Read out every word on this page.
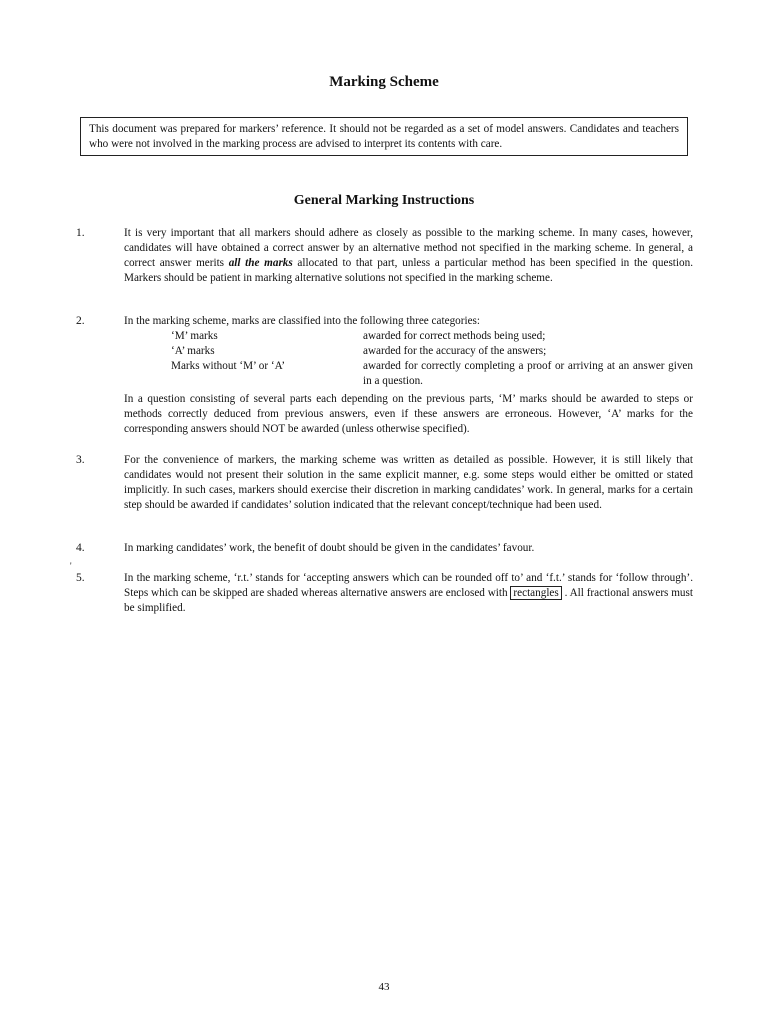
Marking Scheme
This document was prepared for markers’ reference. It should not be regarded as a set of model answers. Candidates and teachers who were not involved in the marking process are advised to interpret its contents with care.
General Marking Instructions
1.	It is very important that all markers should adhere as closely as possible to the marking scheme. In many cases, however, candidates will have obtained a correct answer by an alternative method not specified in the marking scheme. In general, a correct answer merits all the marks allocated to that part, unless a particular method has been specified in the question. Markers should be patient in marking alternative solutions not specified in the marking scheme.
2.	In the marking scheme, marks are classified into the following three categories:
‘M’ marks	awarded for correct methods being used;
‘A’ marks	awarded for the accuracy of the answers;
Marks without ‘M’ or ‘A’	awarded for correctly completing a proof or arriving at an answer given in a question.
In a question consisting of several parts each depending on the previous parts, ‘M’ marks should be awarded to steps or methods correctly deduced from previous answers, even if these answers are erroneous. However, ‘A’ marks for the corresponding answers should NOT be awarded (unless otherwise specified).
3.	For the convenience of markers, the marking scheme was written as detailed as possible. However, it is still likely that candidates would not present their solution in the same explicit manner, e.g. some steps would either be omitted or stated implicitly. In such cases, markers should exercise their discretion in marking candidates’ work. In general, marks for a certain step should be awarded if candidates’ solution indicated that the relevant concept/technique had been used.
4.	In marking candidates’ work, the benefit of doubt should be given in the candidates’ favour.
'
5.	In the marking scheme, ‘r.t.’ stands for ‘accepting answers which can be rounded off to’ and ‘f.t.’ stands for ‘follow through’. Steps which can be skipped are shaded whereas alternative answers are enclosed with rectangles . All fractional answers must be simplified.
43
